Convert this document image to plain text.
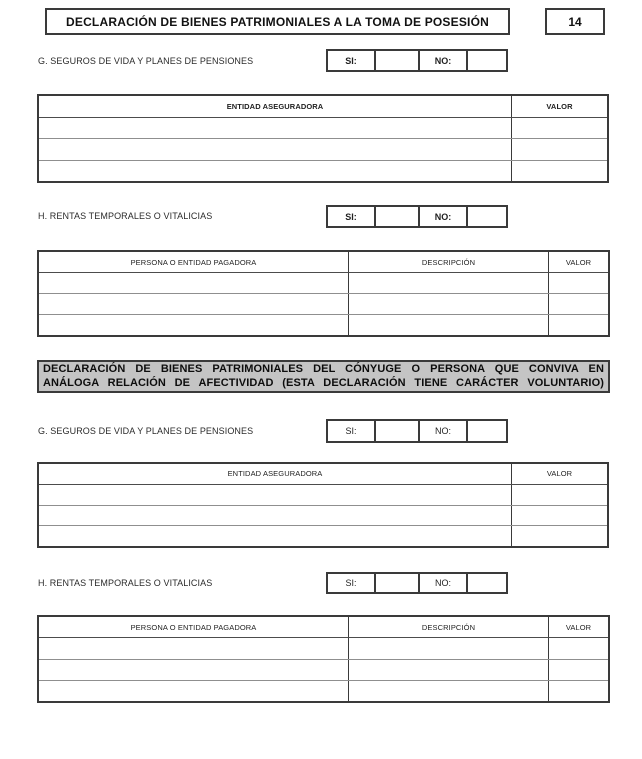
DECLARACIÓN DE BIENES PATRIMONIALES A LA TOMA DE POSESIÓN	14
G. SEGUROS DE VIDA Y PLANES DE PENSIONES	SI:	NO:
ENTIDAD ASEGURADORA	VALOR
H. RENTAS TEMPORALES O VITALICIAS	SI:	NO:
PERSONA O ENTIDAD PAGADORA	DESCRIPCIÓN	VALOR
DECLARACIÓN DE BIENES PATRIMONIALES DEL CÓNYUGE O PERSONA QUE CONVIVA EN
ANÁLOGA RELACIÓN DE AFECTIVIDAD (ESTA DECLARACIÓN TIENE CARÁCTER VOLUNTARIO)
G. SEGUROS DE VIDA Y PLANES DE PENSIONES	SI:	NO:
ENTIDAD ASEGURADORA	VALOR
H. RENTAS TEMPORALES O VITALICIAS	SI:	NO:
PERSONA O ENTIDAD PAGADORA	DESCRIPCIÓN	VALOR
